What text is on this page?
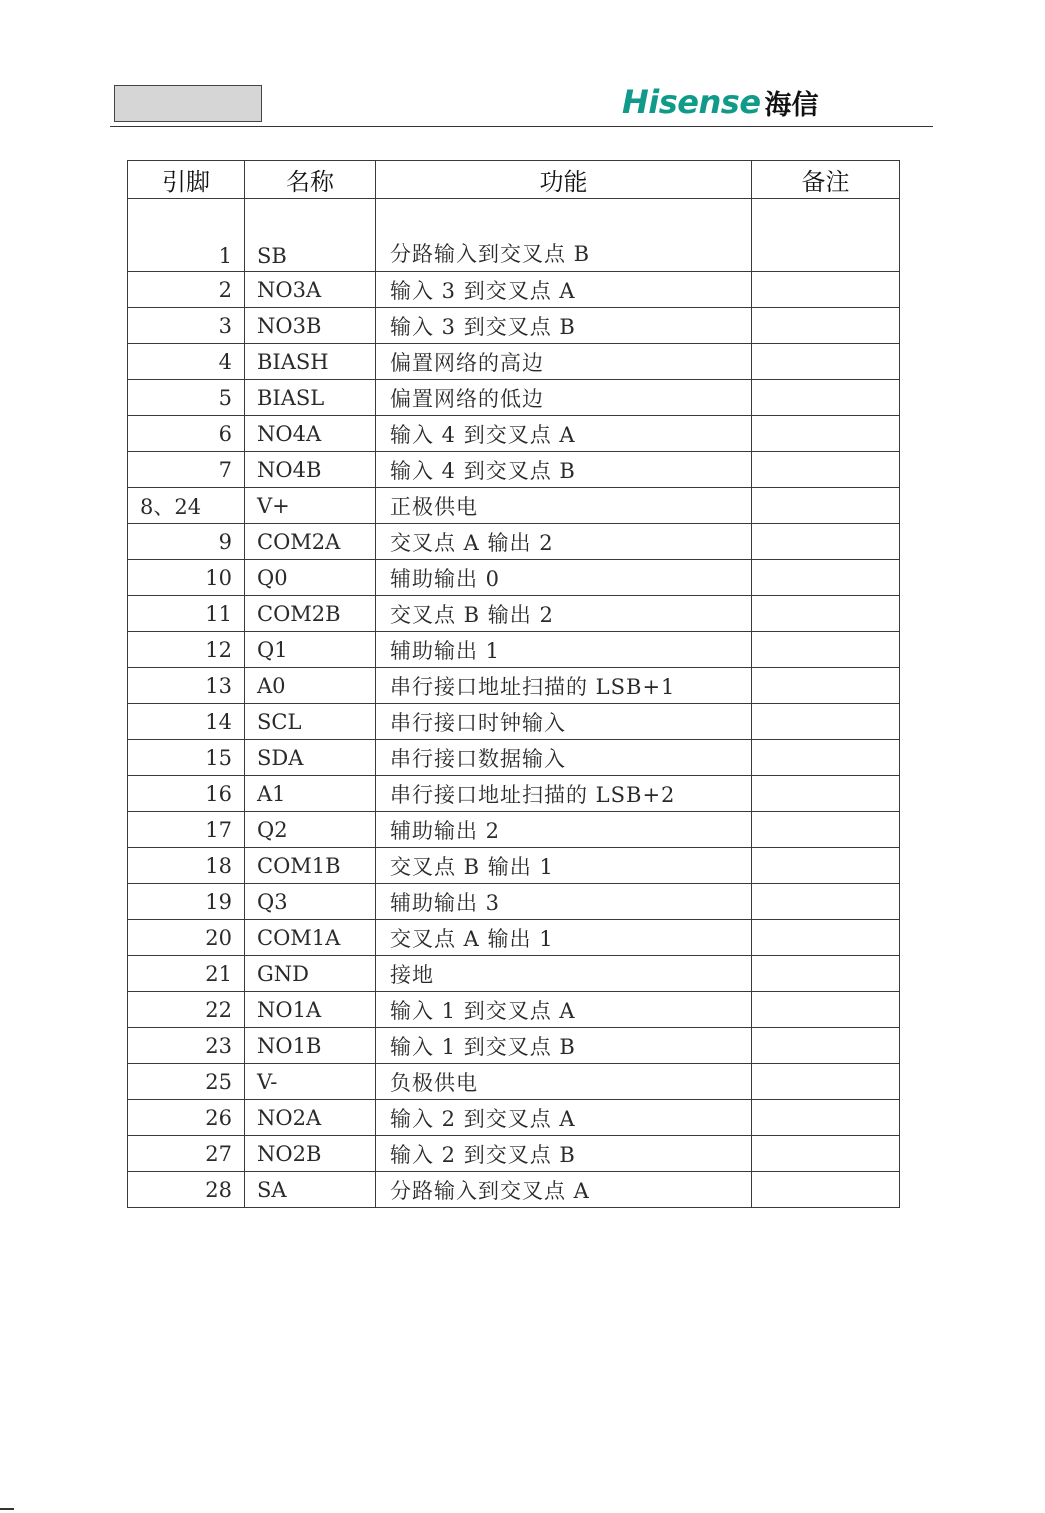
Hisense 海信
引脚	名称	功能	备注
1	SB	分路输入到交叉点 B	
2	NO3A	输入 3 到交叉点 A	
3	NO3B	输入 3 到交叉点 B	
4	BIASH	偏置网络的高边	
5	BIASL	偏置网络的低边	
6	NO4A	输入 4 到交叉点 A	
7	NO4B	输入 4 到交叉点 B	
8、24	V+	正极供电	
9	COM2A	交叉点 A 输出 2	
10	Q0	辅助输出 0	
11	COM2B	交叉点 B 输出 2	
12	Q1	辅助输出 1	
13	A0	串行接口地址扫描的 LSB+1	
14	SCL	串行接口时钟输入	
15	SDA	串行接口数据输入	
16	A1	串行接口地址扫描的 LSB+2	
17	Q2	辅助输出 2	
18	COM1B	交叉点 B 输出 1	
19	Q3	辅助输出 3	
20	COM1A	交叉点 A 输出 1	
21	GND	接地	
22	NO1A	输入 1 到交叉点 A	
23	NO1B	输入 1 到交叉点 B	
25	V-	负极供电	
26	NO2A	输入 2 到交叉点 A	
27	NO2B	输入 2 到交叉点 B	
28	SA	分路输入到交叉点 A	
